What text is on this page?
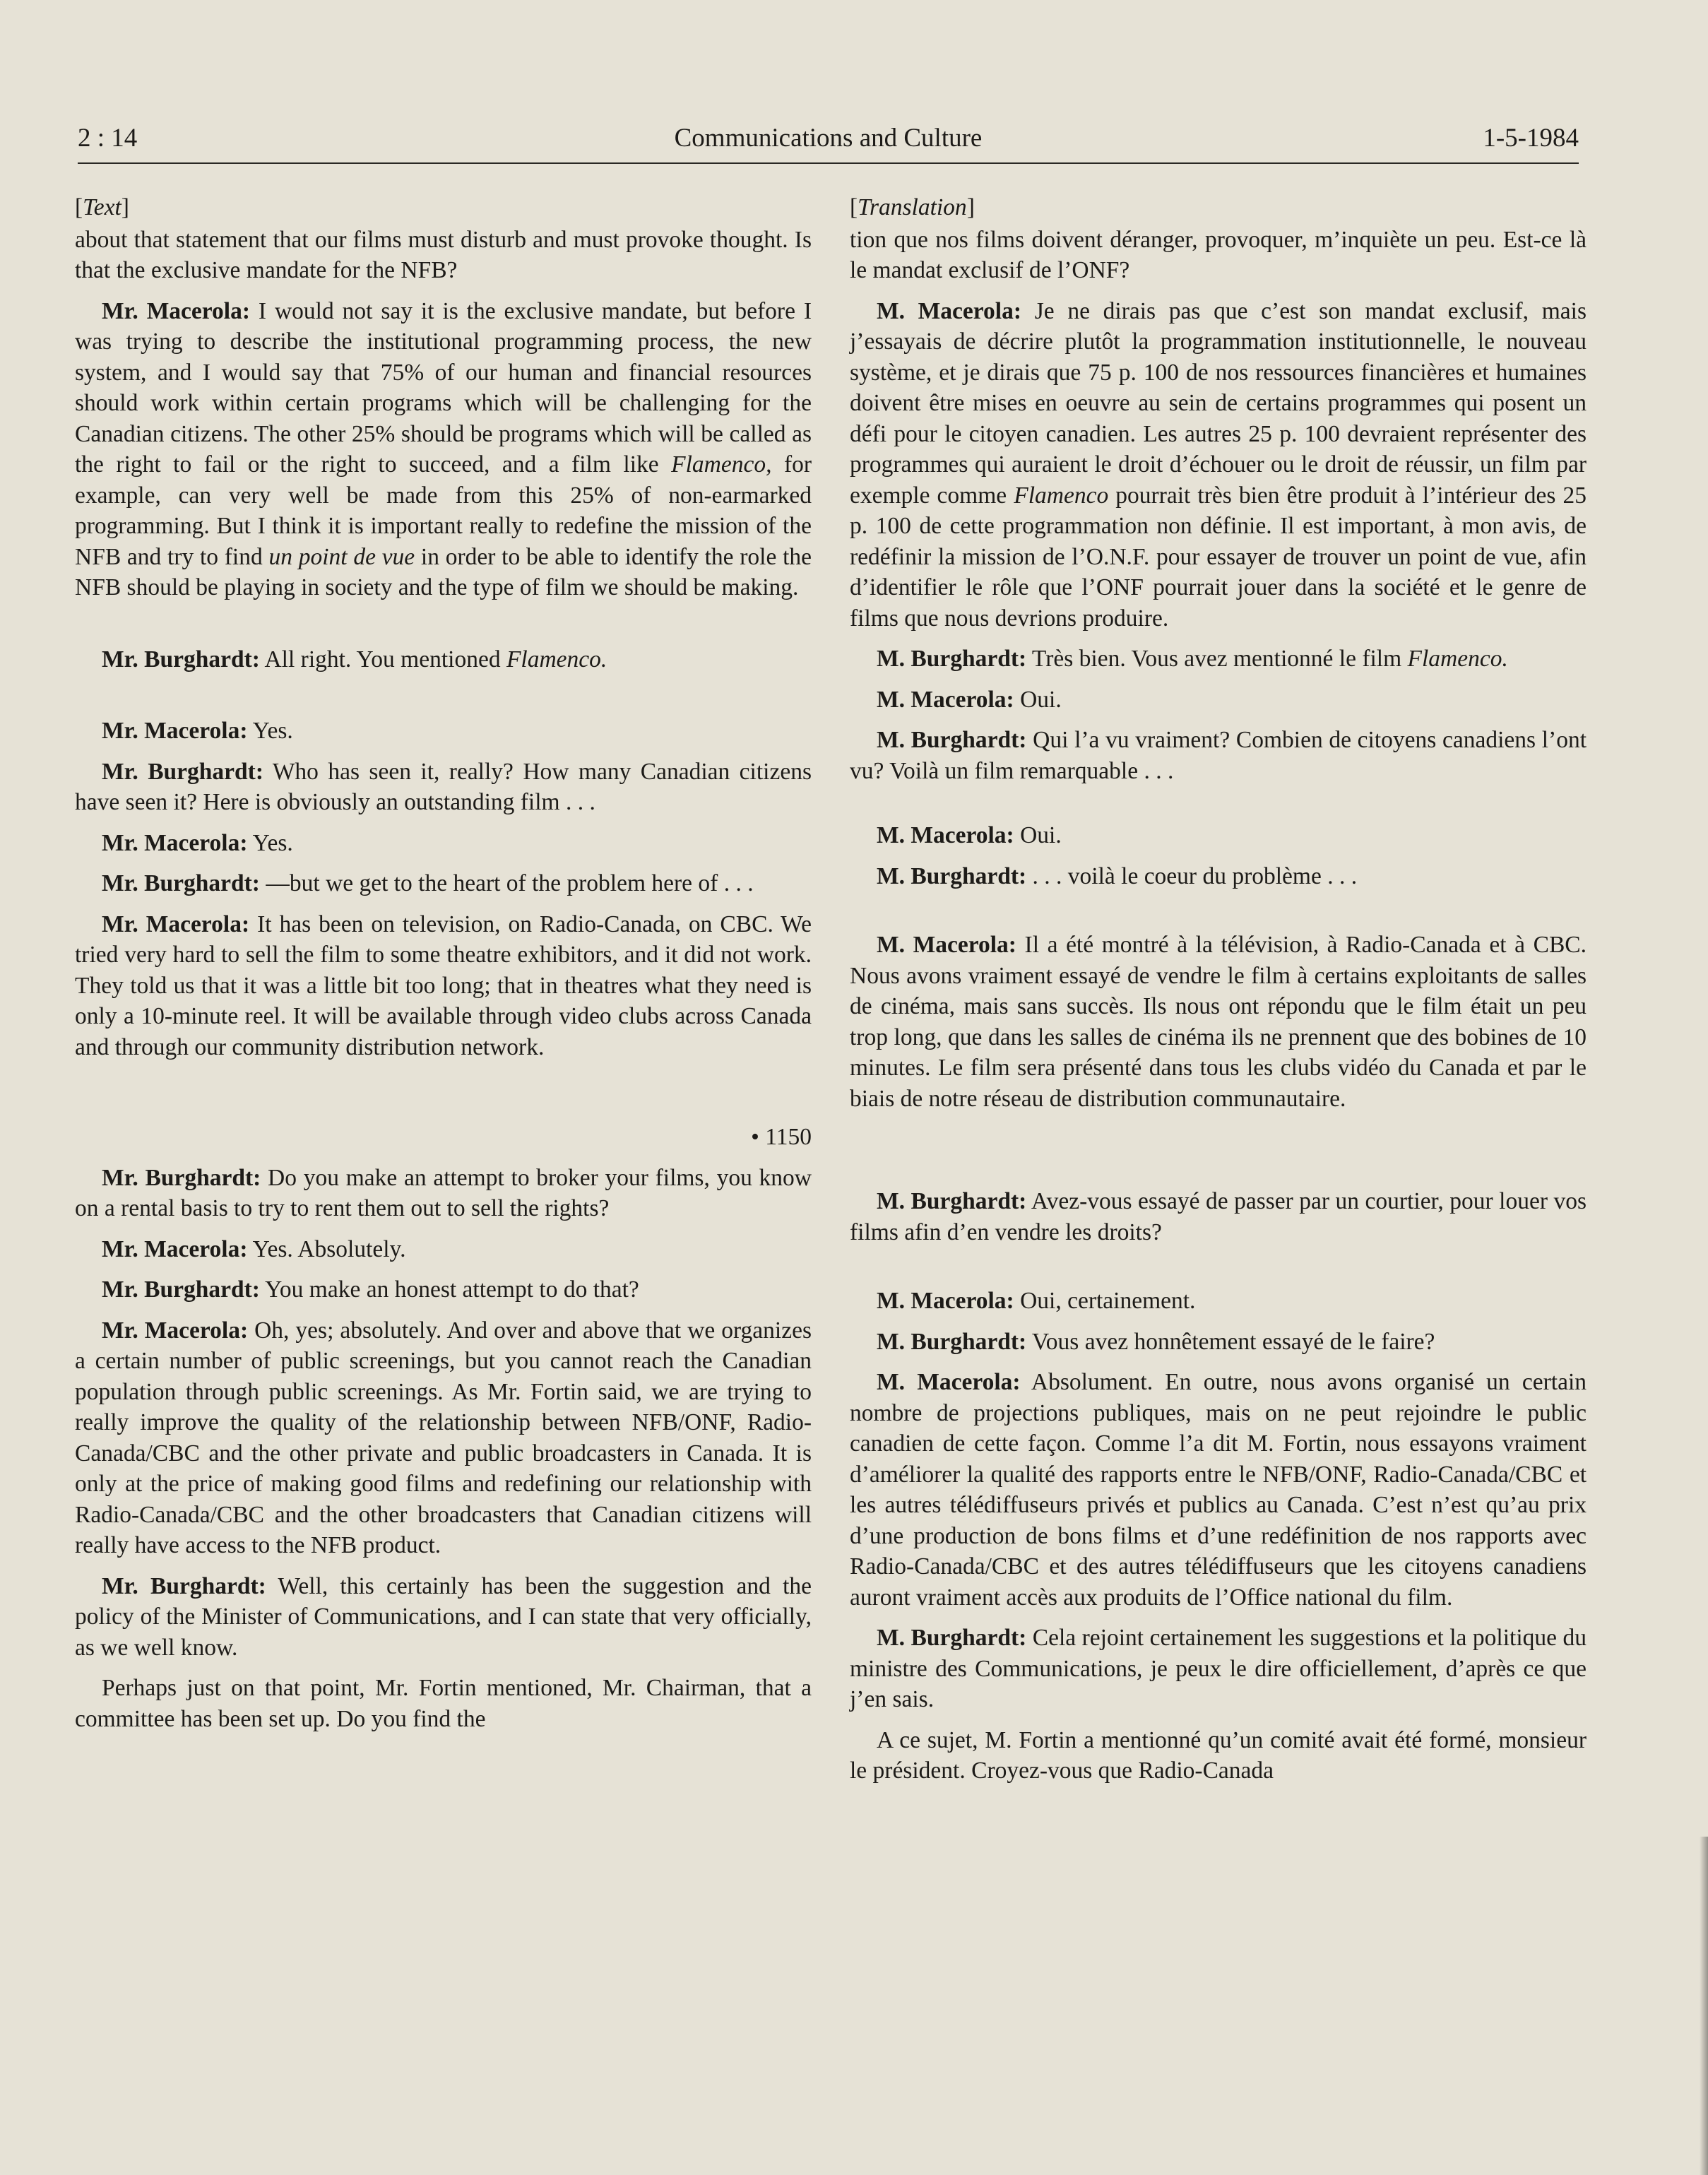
2 : 14	Communications and Culture	1-5-1984
[Text]

about that statement that our films must disturb and must provoke thought. Is that the exclusive mandate for the NFB?

Mr. Macerola: I would not say it is the exclusive mandate, but before I was trying to describe the institutional programming process, the new system, and I would say that 75% of our human and financial resources should work within certain programs which will be challenging for the Canadian citizens. The other 25% should be programs which will be called as the right to fail or the right to succeed, and a film like Flamenco, for example, can very well be made from this 25% of non-earmarked programming. But I think it is important really to redefine the mission of the NFB and try to find un point de vue in order to be able to identify the role the NFB should be playing in society and the type of film we should be making.

Mr. Burghardt: All right. You mentioned Flamenco.

Mr. Macerola: Yes.

Mr. Burghardt: Who has seen it, really? How many Canadian citizens have seen it? Here is obviously an outstanding film . . .

Mr. Macerola: Yes.

Mr. Burghardt: —but we get to the heart of the problem here of . . .

Mr. Macerola: It has been on television, on Radio-Canada, on CBC. We tried very hard to sell the film to some theatre exhibitors, and it did not work. They told us that it was a little bit too long; that in theatres what they need is only a 10-minute reel. It will be available through video clubs across Canada and through our community distribution network.

• 1150

Mr. Burghardt: Do you make an attempt to broker your films, you know on a rental basis to try to rent them out to sell the rights?

Mr. Macerola: Yes. Absolutely.

Mr. Burghardt: You make an honest attempt to do that?

Mr. Macerola: Oh, yes; absolutely. And over and above that we organizes a certain number of public screenings, but you cannot reach the Canadian population through public screenings. As Mr. Fortin said, we are trying to really improve the quality of the relationship between NFB/ONF, Radio-Canada/CBC and the other private and public broadcasters in Canada. It is only at the price of making good films and redefining our relationship with Radio-Canada/CBC and the other broadcasters that Canadian citizens will really have access to the NFB product.

Mr. Burghardt: Well, this certainly has been the suggestion and the policy of the Minister of Communications, and I can state that very officially, as we well know.

Perhaps just on that point, Mr. Fortin mentioned, Mr. Chairman, that a committee has been set up. Do you find the

[Translation]

tion que nos films doivent déranger, provoquer, m’inquiète un peu. Est-ce là le mandat exclusif de l’ONF?

M. Macerola: Je ne dirais pas que c’est son mandat exclusif, mais j’essayais de décrire plutôt la programmation institutionnelle, le nouveau système, et je dirais que 75 p. 100 de nos ressources financières et humaines doivent être mises en oeuvre au sein de certains programmes qui posent un défi pour le citoyen canadien. Les autres 25 p. 100 devraient représenter des programmes qui auraient le droit d’échouer ou le droit de réussir, un film par exemple comme Flamenco pourrait très bien être produit à l’intérieur des 25 p. 100 de cette programmation non définie. Il est important, à mon avis, de redéfinir la mission de l’O.N.F. pour essayer de trouver un point de vue, afin d’identifier le rôle que l’ONF pourrait jouer dans la société et le genre de films que nous devrions produire.

M. Burghardt: Très bien. Vous avez mentionné le film Flamenco.

M. Macerola: Oui.

M. Burghardt: Qui l’a vu vraiment? Combien de citoyens canadiens l’ont vu? Voilà un film remarquable . . .

M. Macerola: Oui.

M. Burghardt: . . . voilà le coeur du problème . . .

M. Macerola: Il a été montré à la télévision, à Radio-Canada et à CBC. Nous avons vraiment essayé de vendre le film à certains exploitants de salles de cinéma, mais sans succès. Ils nous ont répondu que le film était un peu trop long, que dans les salles de cinéma ils ne prennent que des bobines de 10 minutes. Le film sera présenté dans tous les clubs vidéo du Canada et par le biais de notre réseau de distribution communautaire.

M. Burghardt: Avez-vous essayé de passer par un courtier, pour louer vos films afin d’en vendre les droits?

M. Macerola: Oui, certainement.

M. Burghardt: Vous avez honnêtement essayé de le faire?

M. Macerola: Absolument. En outre, nous avons organisé un certain nombre de projections publiques, mais on ne peut rejoindre le public canadien de cette façon. Comme l’a dit M. Fortin, nous essayons vraiment d’améliorer la qualité des rapports entre le NFB/ONF, Radio-Canada/CBC et les autres télédiffuseurs privés et publics au Canada. C’est n’est qu’au prix d’une production de bons films et d’une redéfinition de nos rapports avec Radio-Canada/CBC et des autres télédiffuseurs que les citoyens canadiens auront vraiment accès aux produits de l’Office national du film.

M. Burghardt: Cela rejoint certainement les suggestions et la politique du ministre des Communications, je peux le dire officiellement, d’après ce que j’en sais.

A ce sujet, M. Fortin a mentionné qu’un comité avait été formé, monsieur le président. Croyez-vous que Radio-Canada
